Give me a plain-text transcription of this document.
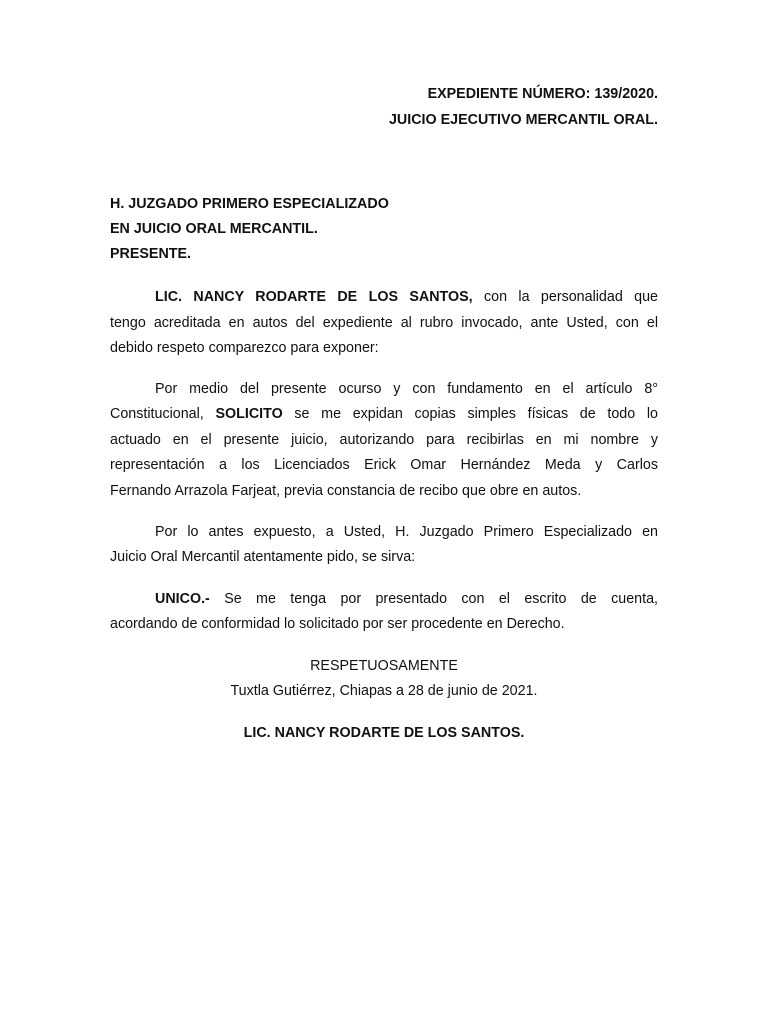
EXPEDIENTE NÚMERO: 139/2020.
JUICIO EJECUTIVO MERCANTIL ORAL.
H. JUZGADO PRIMERO ESPECIALIZADO
EN JUICIO ORAL MERCANTIL.
PRESENTE.
LIC. NANCY RODARTE DE LOS SANTOS, con la personalidad que
tengo acreditada en autos del expediente al rubro invocado, ante Usted, con el
debido respeto comparezco para exponer:
Por medio del presente ocurso y con fundamento en el artículo 8°
Constitucional, SOLICITO se me expidan copias simples físicas de todo lo
actuado en el presente juicio, autorizando para recibirlas en mi nombre y
representación a los Licenciados Erick Omar Hernández Meda y Carlos
Fernando Arrazola Farjeat, previa constancia de recibo que obre en autos.
Por lo antes expuesto, a Usted, H. Juzgado Primero Especializado en
Juicio Oral Mercantil atentamente pido, se sirva:
UNICO.- Se me tenga por presentado con el escrito de cuenta,
acordando de conformidad lo solicitado por ser procedente en Derecho.
RESPETUOSAMENTE
Tuxtla Gutiérrez, Chiapas a 28 de junio de 2021.
LIC. NANCY RODARTE DE LOS SANTOS.
